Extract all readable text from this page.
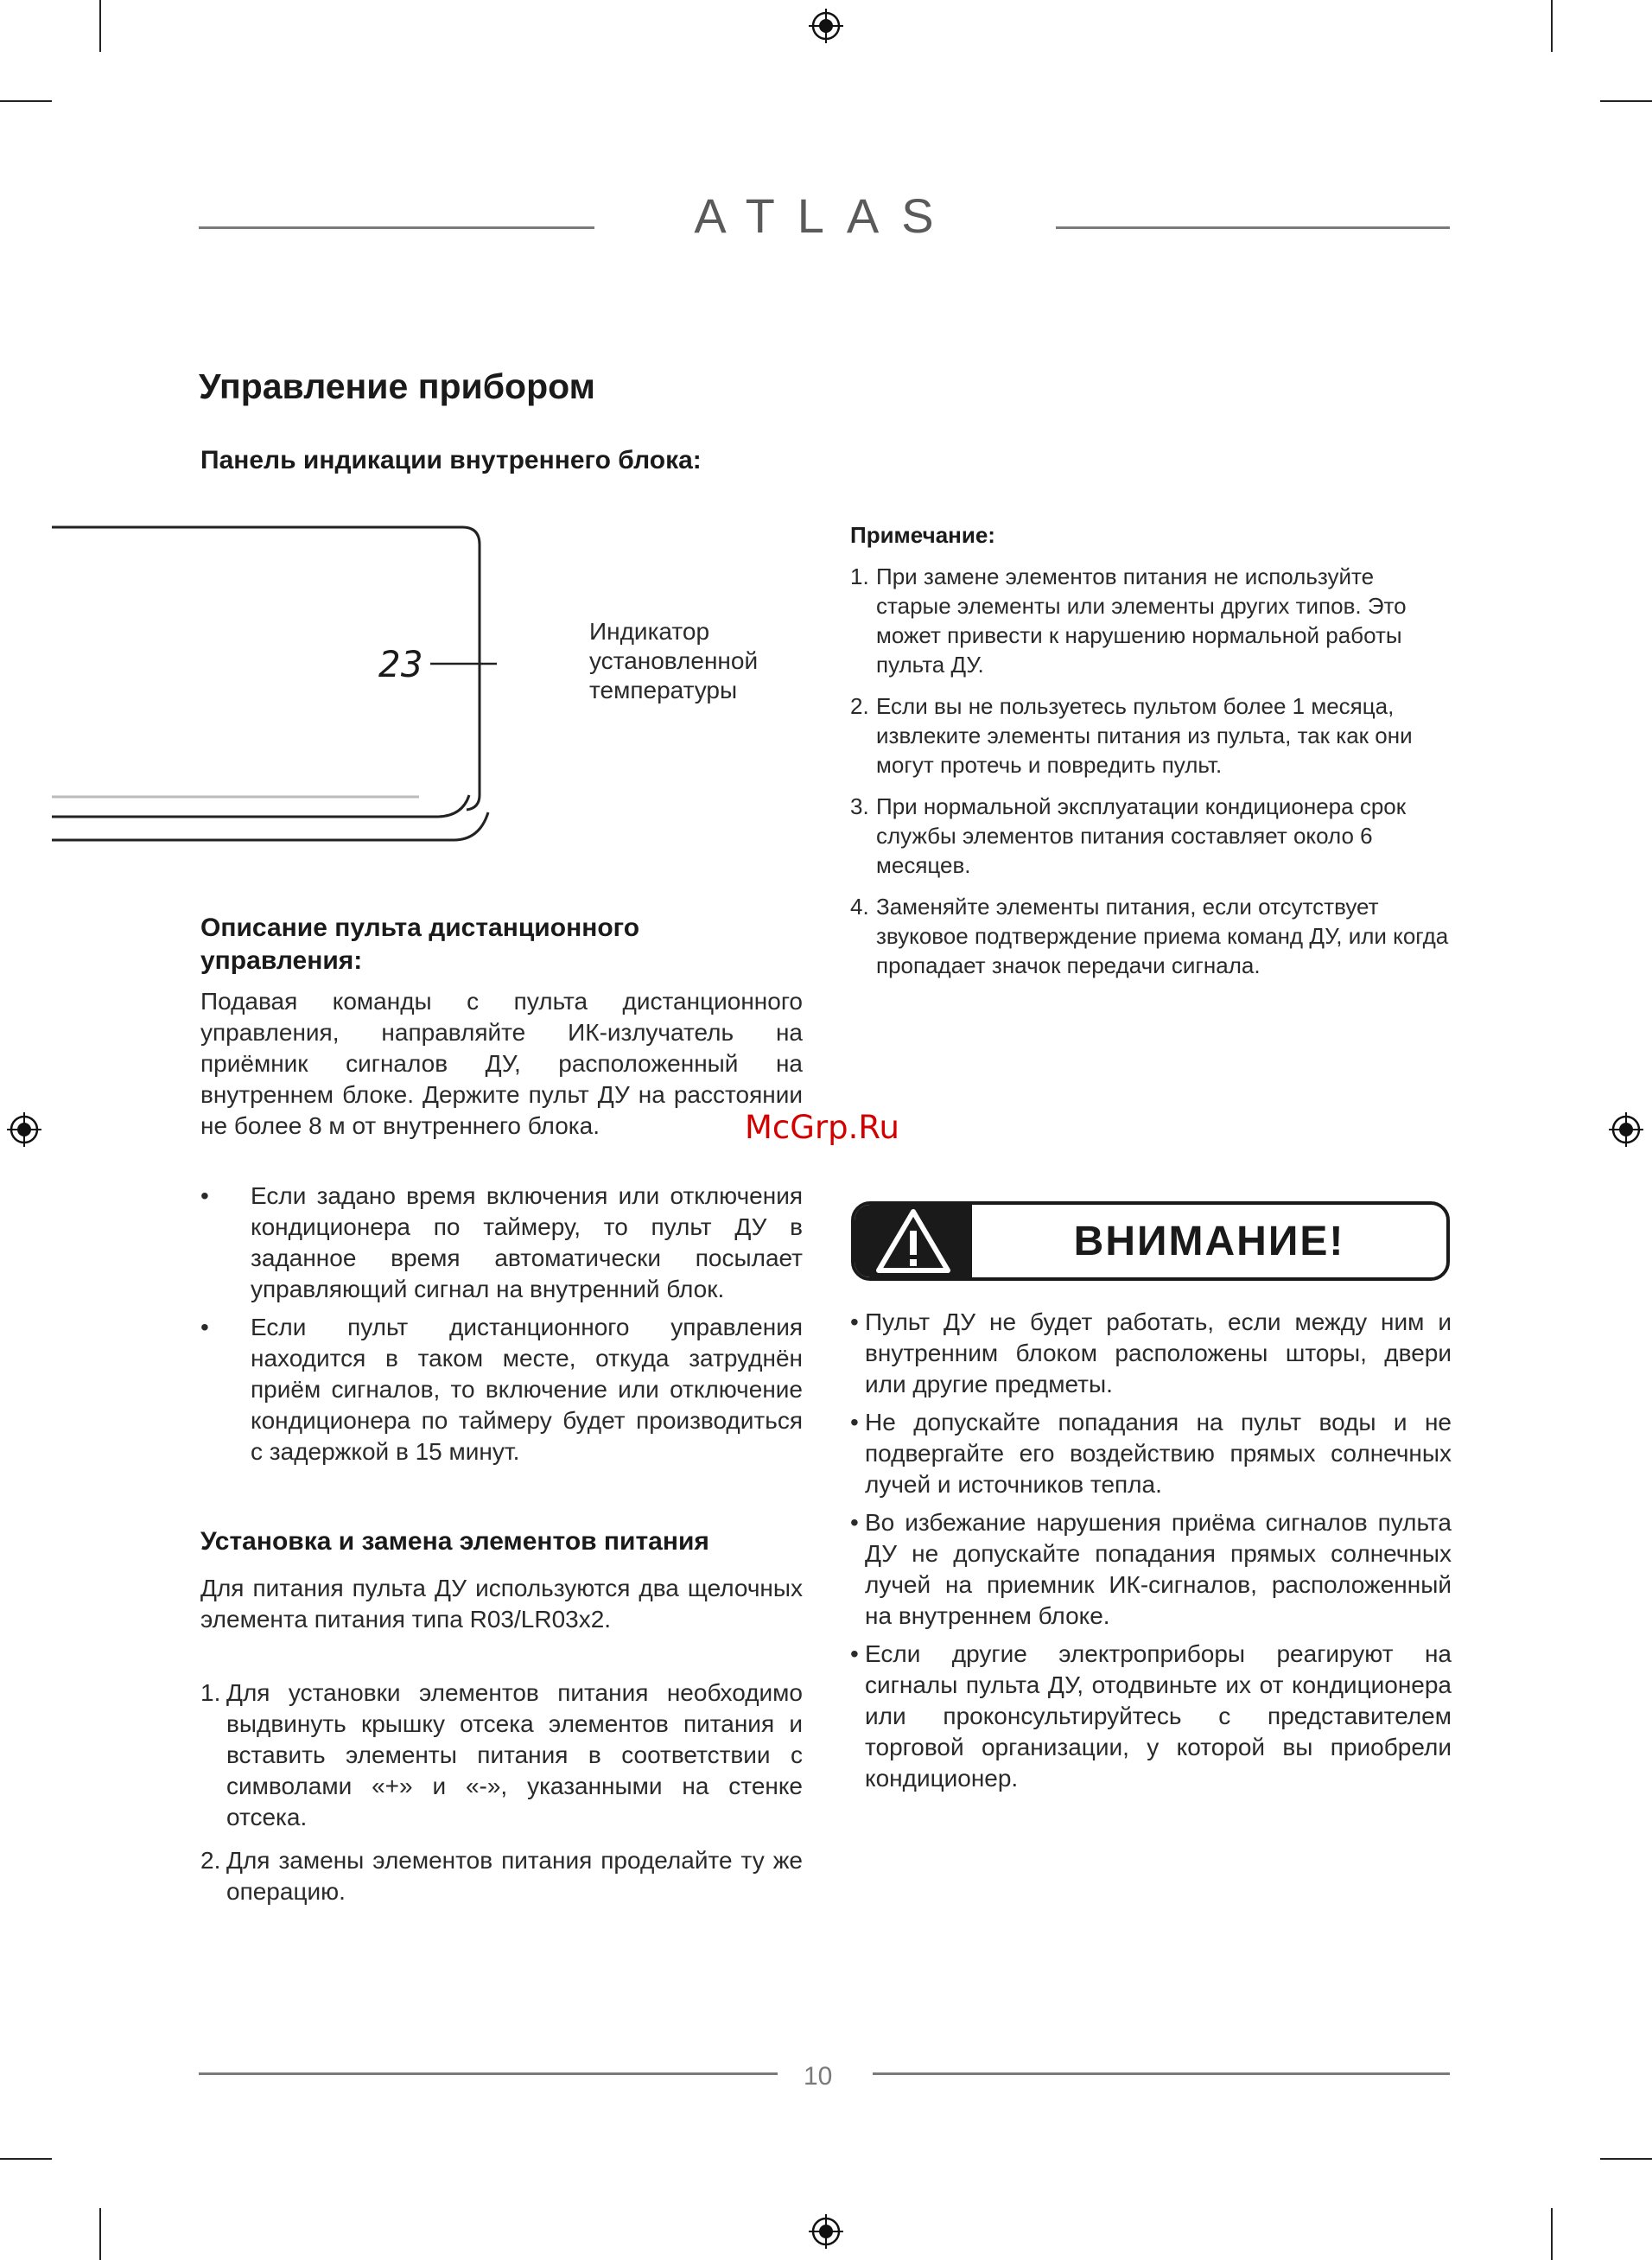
ATLAS
Управление прибором
Панель индикации внутреннего блока:
23
Индикатор
установленной
температуры
Описание пульта дистанционного
управления:
Подавая команды с пульта дистанционного управления, направляйте ИК-излучатель на приёмник сигналов ДУ, расположенный на внутреннем блоке. Держите пульт ДУ на расстоянии не более 8 м от внутреннего блока.
• Если задано время включения или отключения кондиционера по таймеру, то пульт ДУ в заданное время автоматически посылает управляющий сигнал на внутренний блок.
• Если пульт дистанционного управления находится в таком месте, откуда затруднён приём сигналов, то включение или отключение кондиционера по таймеру будет производиться с задержкой в 15 минут.
Установка и замена элементов питания
Для питания пульта ДУ используются два щелочных элемента питания типа R03/LR03x2.
1. Для установки элементов питания необходимо выдвинуть крышку отсека элементов питания и вставить элементы питания в соответствии с символами «+» и «-», указанными на стенке отсека.
2. Для замены элементов питания проделайте ту же операцию.
Примечание:
1. При замене элементов питания не используйте старые элементы или элементы других типов. Это может привести к нарушению нормальной работы пульта ДУ.
2. Если вы не пользуетесь пультом более 1 месяца, извлеките элементы питания из пульта, так как они могут протечь и повредить пульт.
3. При нормальной эксплуатации кондиционера срок службы элементов питания составляет около 6 месяцев.
4. Заменяйте элементы питания, если отсутствует звуковое подтверждение приема команд ДУ, или когда пропадает значок передачи сигнала.
ВНИМАНИЕ!
• Пульт ДУ не будет работать, если между ним и внутренним блоком расположены шторы, двери или другие предметы.
• Не допускайте попадания на пульт воды и не подвергайте его воздействию прямых солнечных лучей и источников тепла.
• Во избежание нарушения приёма сигналов пульта ДУ не допускайте попадания прямых солнечных лучей на приемник ИК-сигналов, расположенный на внутреннем блоке.
• Если другие электроприборы реагируют на сигналы пульта ДУ, отодвиньте их от кондиционера или проконсультируйтесь с представителем торговой организации, у которой вы приобрели кондиционер.
McGrp.Ru
10
